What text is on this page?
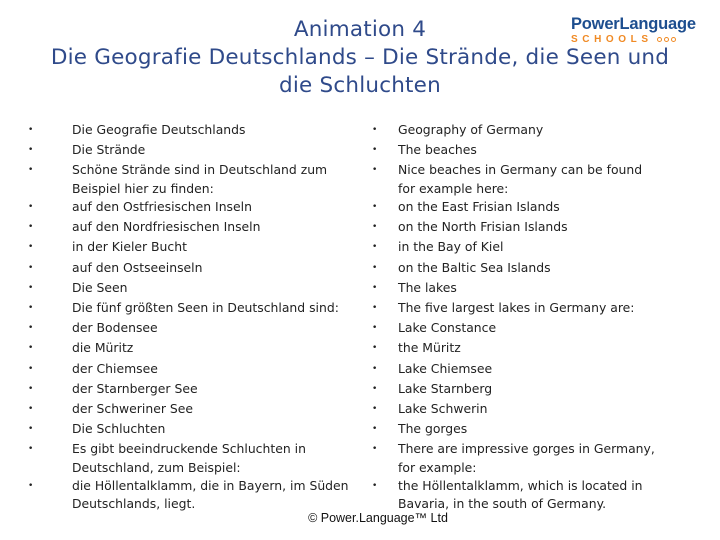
Animation 4
Die Geografie Deutschlands – Die Strände, die Seen und
die Schluchten
PowerLanguage
SCHOOLS
•	Die Geografie Deutschlands
•	Die Strände
•	Schöne Strände sind in Deutschland zum
Beispiel hier zu finden:
•	auf den Ostfriesischen Inseln
•	auf den Nordfriesischen Inseln
•	in der Kieler Bucht
•	auf den Ostseeinseln
•	Die Seen
•	Die fünf größten Seen in Deutschland sind:
•	der Bodensee
•	die Müritz
•	der Chiemsee
•	der Starnberger See
•	der Schweriner See
•	Die Schluchten
•	Es gibt beeindruckende Schluchten in
Deutschland, zum Beispiel:
•	die Höllentalklamm, die in Bayern, im Süden
Deutschlands, liegt.
• Geography of Germany
• The beaches
• Nice beaches in Germany can be found
for example here:
• on the East Frisian Islands
• on the North Frisian Islands
• in the Bay of Kiel
• on the Baltic Sea Islands
• The lakes
• The five largest lakes in Germany are:
• Lake Constance
• the Müritz
• Lake Chiemsee
• Lake Starnberg
• Lake Schwerin
• The gorges
• There are impressive gorges in Germany,
for example:
• the Höllentalklamm, which is located in
Bavaria, in the south of Germany.
© Power.Language™ Ltd
